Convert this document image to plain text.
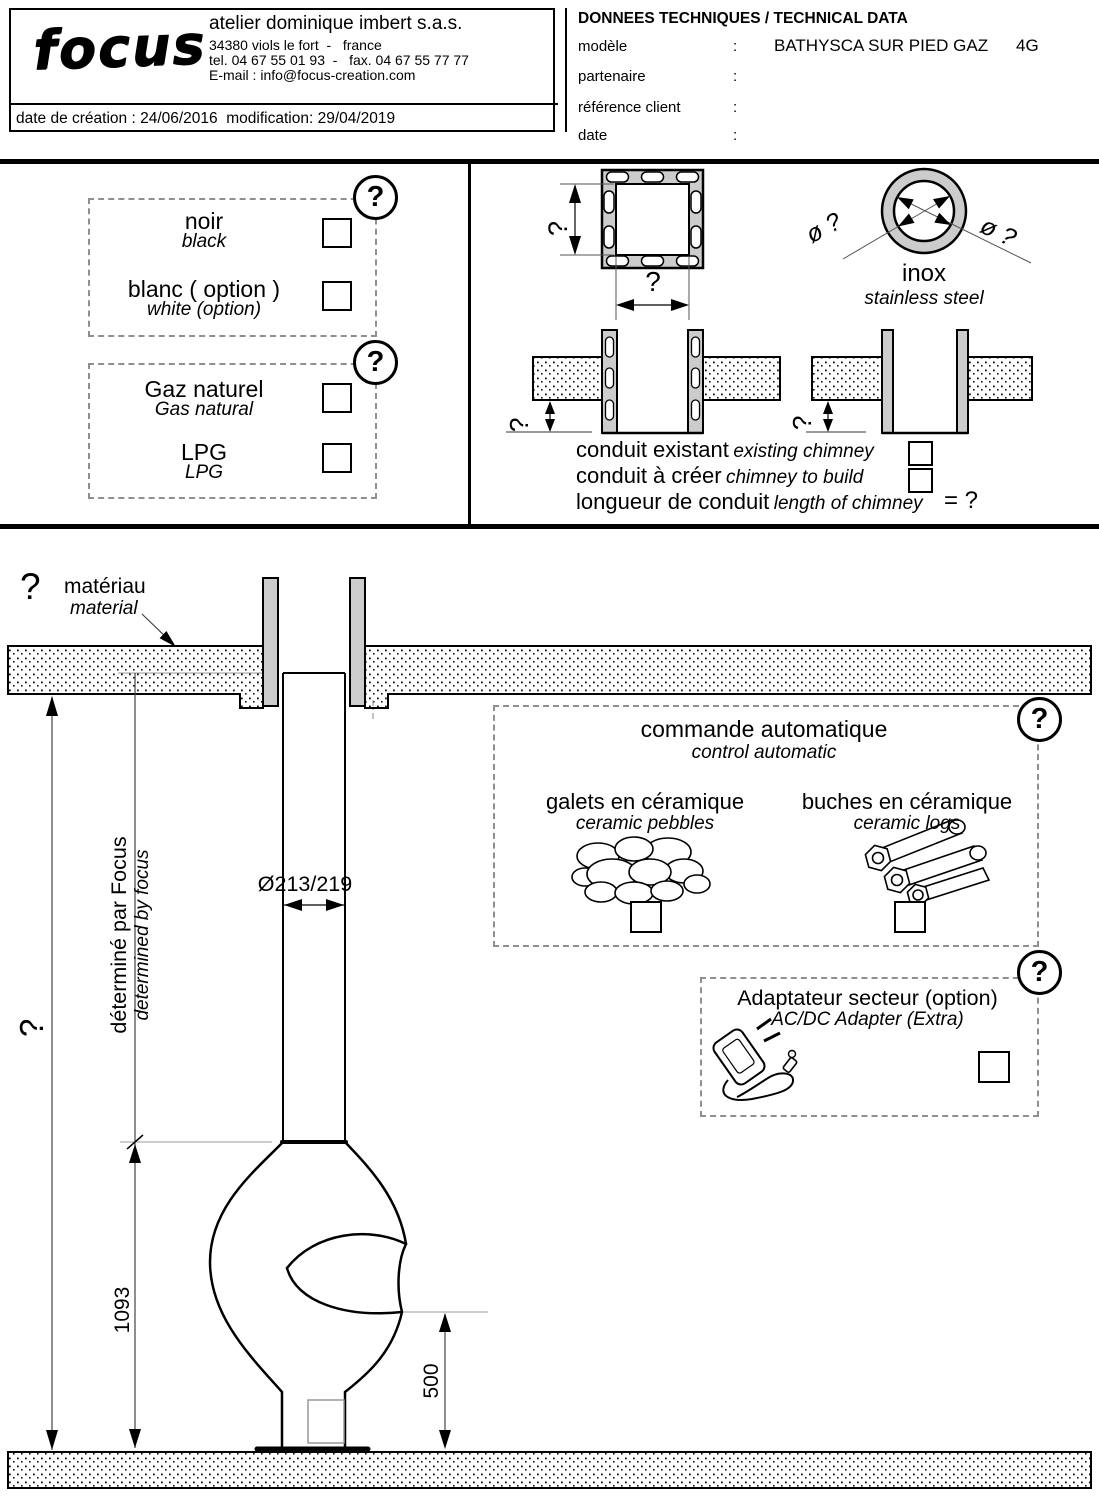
focus atelier dominique imbert s.a.s.
34380 viols le fort  -   france
tel. 04 67 55 01 93  -   fax. 04 67 55 77 77
E-mail : info@focus-creation.com
date de création : 24/06/2016  modification: 29/04/2019
DONNEES TECHNIQUES / TECHNICAL DATA
modèle	: BATHYSCA SUR PIED GAZ 4G
partenaire	:
référence client	:
date	:
?
noir
black
blanc ( option )
white (option)
?
Gaz naturel
Gas natural
LPG
LPG
?
?
ø ?	ø ?
inox
stainless steel
?	?
conduit existant existing chimney
conduit à créer chimney to build
longueur de conduit length of chimney = ?
? matériau
material
?	déterminé par Focus determined by focus
1093
500
Ø213/219
?
commande automatique
control automatic
galets en céramique
ceramic pebbles
buches en céramique
ceramic logs
?
Adaptateur secteur (option)
AC/DC Adapter (Extra)
